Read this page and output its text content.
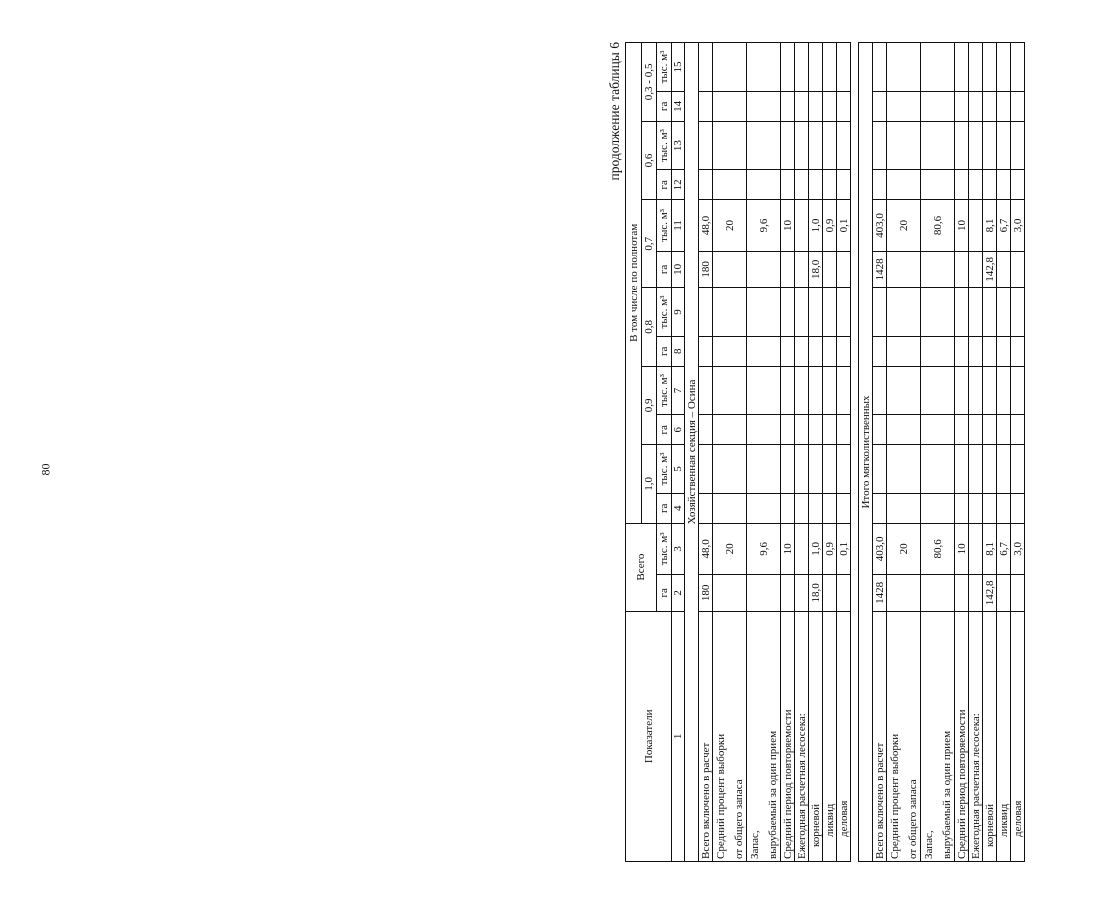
80
продолжение таблицы 6
Показатели	Всего		В том числе по полнотам											
			1,0		0,9		0,8		0,7		0,6		0,3 - 0,5	
	га	тыс. м³	га	тыс. м³	га	тыс. м³	га	тыс. м³	га	тыс. м³	га	тыс. м³	га	тыс. м³
1	2	3	4	5	6	7	8	9	10	11	12	13	14	15
Хозяйственная секция – Осина														

Всего включено в расчет	180	48,0							180	48,0				

Средний процент выборки от общего запаса		20								20				

Запас, вырубаемый за один прием		9,6								9,6				

Средний период повторяемости		10								10				

Ежегодная расчетная лесосека:														

корневой	18,0	1,0							18,0	1,0				

ликвид		0,9								0,9				

деловая		0,1								0,1				

Итого мягколиственных														

Всего включено в расчет	1428	403,0							1428	403,0				

Средний процент выборки от общего запаса		20								20				

Запас, вырубаемый за один прием		80,6								80,6				

Средний период повторяемости		10								10				

Ежегодная расчетная лесосека:														

корневой	142,8	8,1							142,8	8,1				

ликвид		6,7								6,7				

деловая		3,0								3,0				
